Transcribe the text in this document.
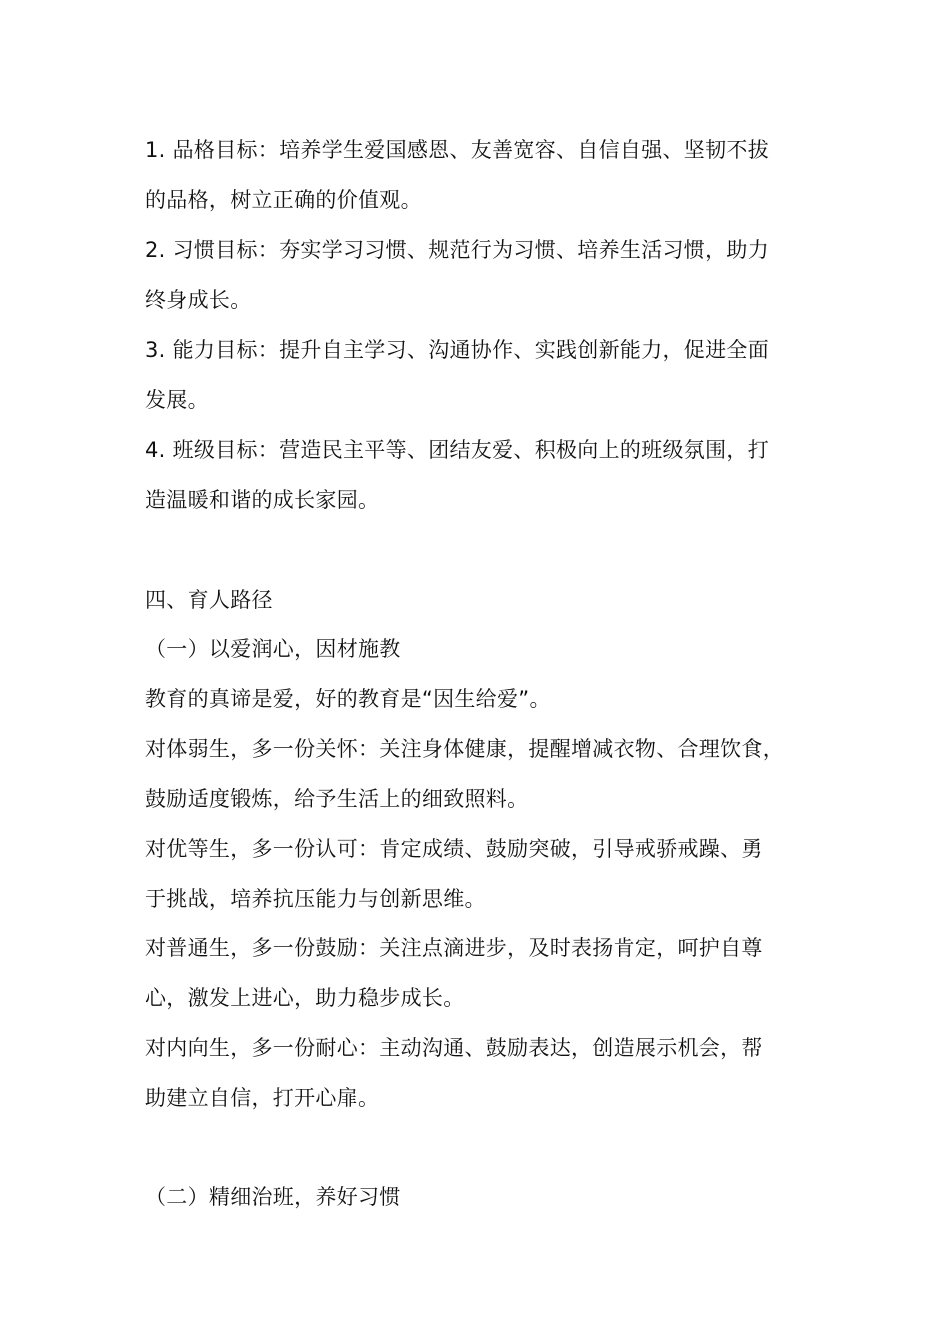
1. 品格目标：培养学生爱国感恩、友善宽容、自信自强、坚韧不拔
的品格，树立正确的价值观。
2. 习惯目标：夯实学习习惯、规范行为习惯、培养生活习惯，助力
终身成长。
3. 能力目标：提升自主学习、沟通协作、实践创新能力，促进全面
发展。
4. 班级目标：营造民主平等、团结友爱、积极向上的班级氛围，打
造温暖和谐的成长家园。
四、育人路径
（一）以爱润心，因材施教
教育的真谛是爱，好的教育是“因生给爱”。
对体弱生，多一份关怀：关注身体健康，提醒增减衣物、合理饮食，
鼓励适度锻炼，给予生活上的细致照料。
对优等生，多一份认可：肯定成绩、鼓励突破，引导戒骄戒躁、勇
于挑战，培养抗压能力与创新思维。
对普通生，多一份鼓励：关注点滴进步，及时表扬肯定，呵护自尊
心，激发上进心，助力稳步成长。
对内向生，多一份耐心：主动沟通、鼓励表达，创造展示机会，帮
助建立自信，打开心扉。
（二）精细治班，养好习惯
